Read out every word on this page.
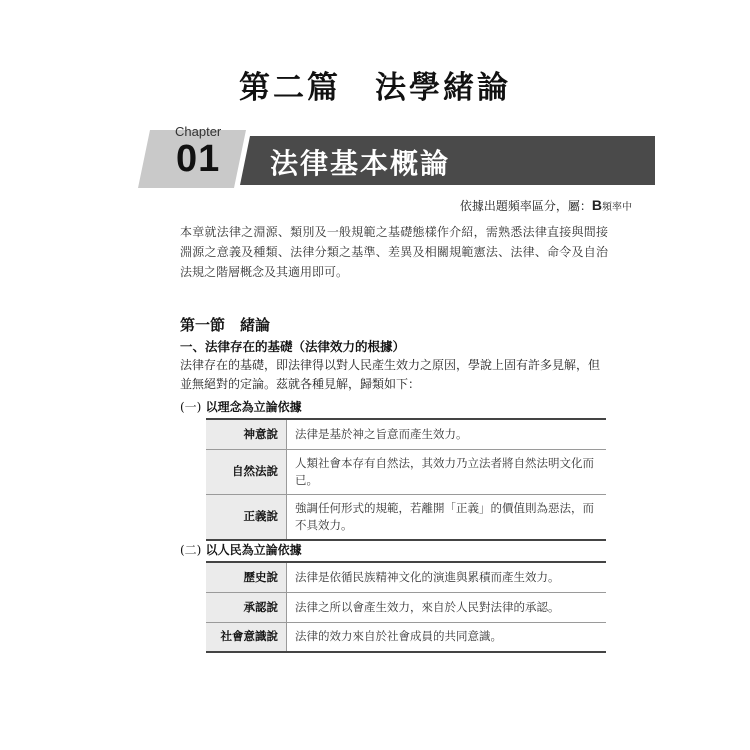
第二篇 法學緒論
Chapter
01 法律基本概論
依據出題頻率區分，屬：B頻率中
本章就法律之淵源、類別及一般規範之基礎態樣作介紹，需熟悉法律直接與間接淵源之意義及種類、法律分類之基準、差異及相關規範憲法、法律、命令及自治法規之階層概念及其適用即可。
第一節　緒論
一、法律存在的基礎（法律效力的根據）
法律存在的基礎，即法律得以對人民產生效力之原因，學說上固有許多見解，但並無絕對的定論。茲就各種見解，歸類如下：
(一) 以理念為立論依據
神意說	法律是基於神之旨意而產生效力。
自然法說	人類社會本存有自然法，其效力乃立法者將自然法明文化而已。
正義說	強調任何形式的規範，若離開「正義」的價值則為惡法，而不具效力。
(二) 以人民為立論依據
歷史說	法律是依循民族精神文化的演進與累積而產生效力。
承認說	法律之所以會產生效力，來自於人民對法律的承認。
社會意識說	法律的效力來自於社會成員的共同意識。
